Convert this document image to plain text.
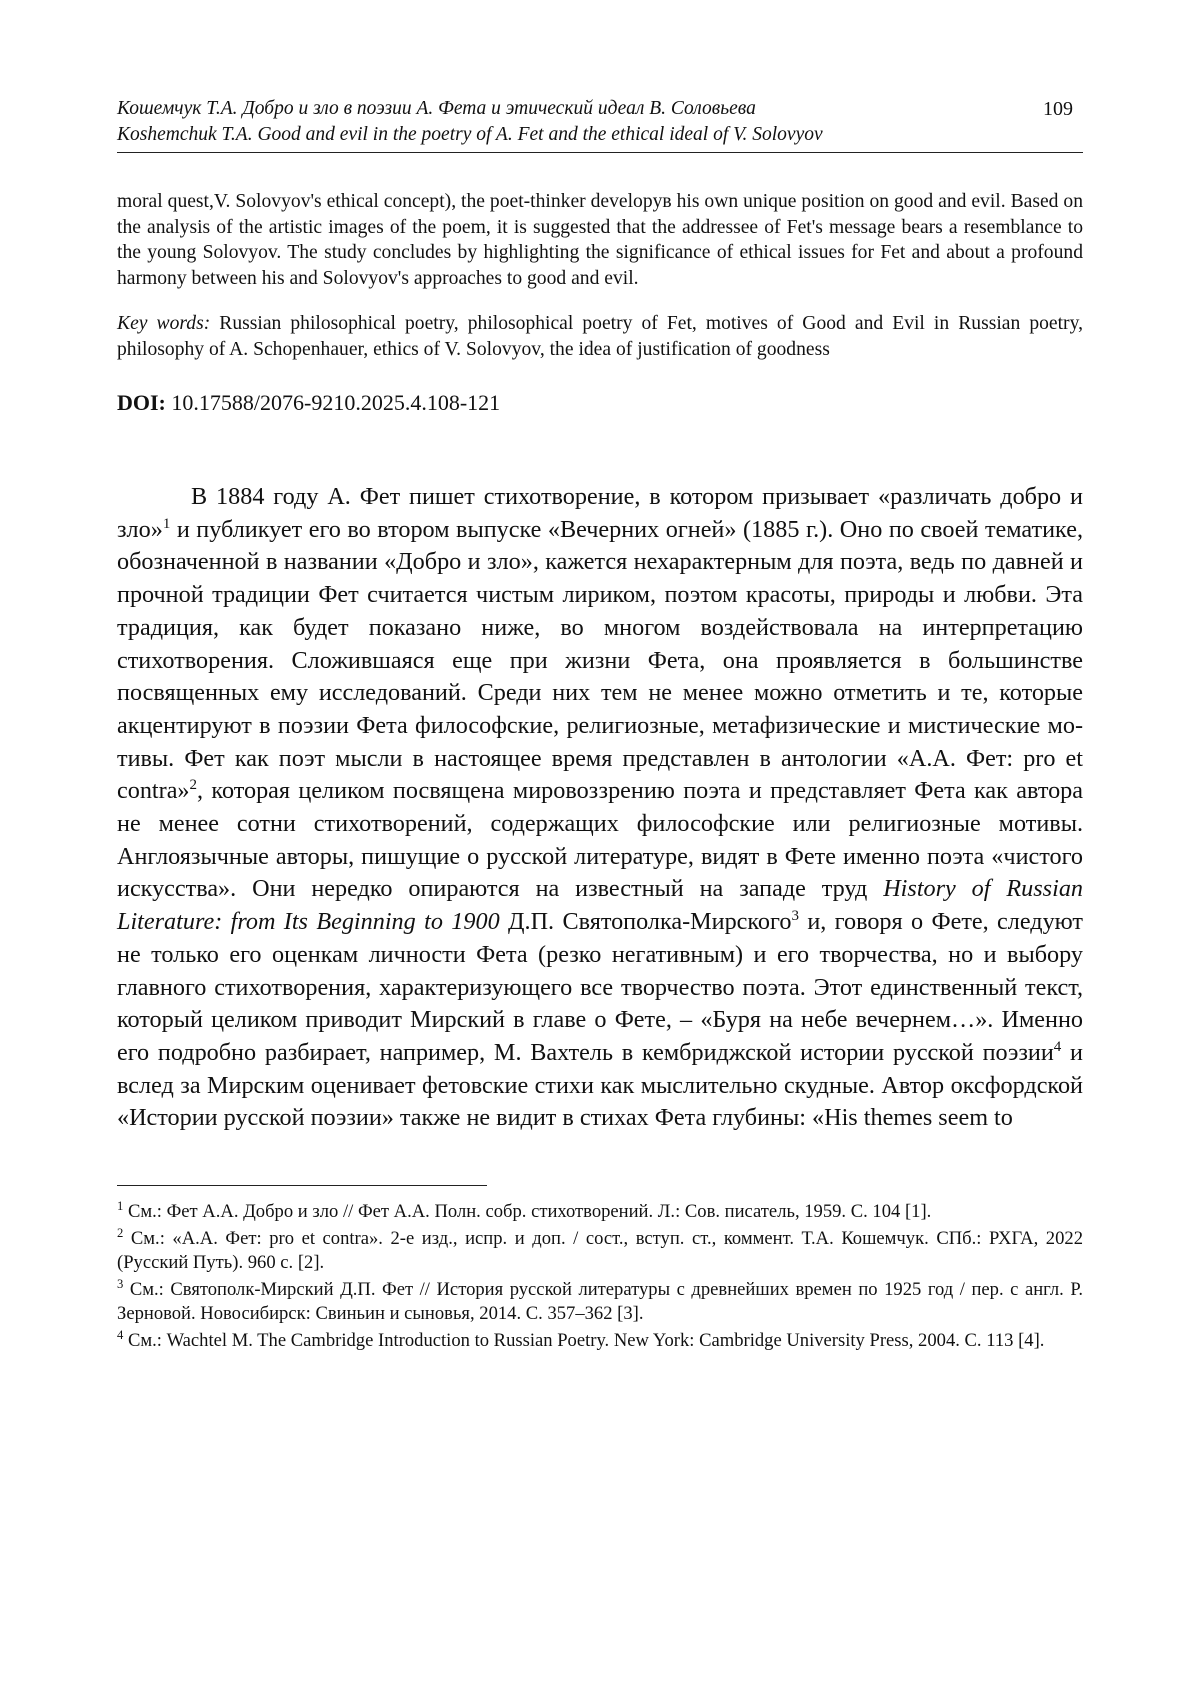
Кошемчук Т.А. Добро и зло в поэзии А. Фета и этический идеал В. Соловьева
Koshemchuk T.A. Good and evil in the poetry of A. Fet and the ethical ideal of V. Solovyov
109
moral quest,V. Solovyov's ethical concept), the poet-thinker developyв his own unique position on good and evil. Based on the analysis of the artistic images of the poem, it is suggested that the addressee of Fet's message bears a resemblance to the young Solovyov. The study concludes by highlighting the significance of ethical issues for Fet and about a profound harmony between his and Solovyov's approaches to good and evil.
Key words: Russian philosophical poetry, philosophical poetry of Fet, motives of Good and Evil in Russian poetry, philosophy of A. Schopenhauer, ethics of V. Solovyov, the idea of justification of goodness
DOI: 10.17588/2076-9210.2025.4.108-121

В 1884 году А. Фет пишет стихотворение, в котором призывает «различать добро и зло»$^1$ и публикует его во втором выпуске «Вечерних огней» (1885 г.). Оно по своей тематике, обозначенной в названии «Добро и зло», кажется нехарактерным для поэта, ведь по давней и прочной традиции Фет считается чистым лириком, поэтом красоты, природы и любви. Эта традиция, как будет показано ниже, во многом воздействовала на интерпретацию стихотворения. Сложившаяся еще при жизни Фета, она проявляется в большинстве посвященных ему исследований. Среди них тем не менее можно отметить и те, которые акцентируют в поэзии Фета философские, религиозные, метафизические и мистические мотивы. Фет как поэт мысли в настоящее время представлен в антологии «А.А. Фет: pro et contra»$^2$, которая целиком посвящена мировоззрению поэта и представляет Фета как автора не менее сотни стихотворений, содержащих философские или религиозные мотивы. Англоязычные авторы, пишущие о русской литературе, видят в Фете именно поэта «чистого искусства». Они нередко опираются на известный на западе труд History of Russian Literature: from Its Beginning to 1900 Д.П. Святополка-Мирского$^3$ и, говоря о Фете, следуют не только его оценкам личности Фета (резко негативным) и его творчества, но и выбору главного стихотворения, характеризующего все творчество поэта. Этот единственный текст, который целиком приводит Мирский в главе о Фете, – «Буря на небе вечернем…». Именно его подробно разбирает, например, М. Вахтель в кембриджской истории русской поэзии$^4$ и вслед за Мирским оценивает фетовские стихи как мыслительно скудные. Автор оксфордской «Истории русской поэзии» также не видит в стихах Фета глубины: «His themes seem to

$^1$ См.: Фет А.А. Добро и зло // Фет А.А. Полн. собр. стихотворений. Л.: Сов. писатель, 1959. С. 104 [1].
$^2$ См.: «А.А. Фет: pro et contra». 2-е изд., испр. и доп. / сост., вступ. ст., коммент. Т.А. Кошемчук. СПб.: РХГА, 2022 (Русский Путь). 960 с. [2].
$^3$ См.: Святополк-Мирский Д.П. Фет // История русской литературы с древнейших времен по 1925 год / пер. с англ. Р. Зерновой. Новосибирск: Свиньин и сыновья, 2014. С. 357–362 [3].
$^4$ См.: Wachtel M. The Cambridge Introduction to Russian Poetry. New York: Cambridge University Press, 2004. С. 113 [4].
